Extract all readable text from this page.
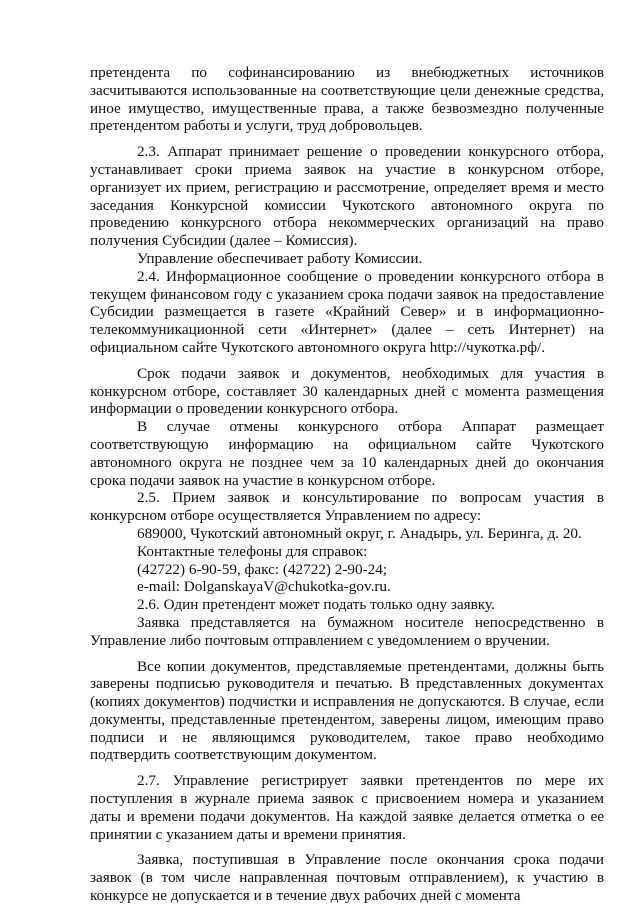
претендента по софинансированию из внебюджетных источников засчитываются использованные на соответствующие цели денежные средства, иное имущество, имущественные права, а также безвозмездно полученные претендентом работы и услуги, труд добровольцев.

2.3. Аппарат принимает решение о проведении конкурсного отбора, устанавливает сроки приема заявок на участие в конкурсном отборе, организует их прием, регистрацию и рассмотрение, определяет время и место заседания Конкурсной комиссии Чукотского автономного округа по проведению конкурсного отбора некоммерческих организаций на право получения Субсидии (далее – Комиссия).

Управление обеспечивает работу Комиссии.

2.4. Информационное сообщение о проведении конкурсного отбора в текущем финансовом году с указанием срока подачи заявок на предоставление Субсидии размещается в газете «Крайний Север» и в информационно-телекоммуникационной сети «Интернет» (далее – сеть Интернет) на официальном сайте Чукотского автономного округа http://чукотка.рф/.

Срок подачи заявок и документов, необходимых для участия в конкурсном отборе, составляет 30 календарных дней с момента размещения информации о проведении конкурсного отбора.

В случае отмены конкурсного отбора Аппарат размещает соответствующую информацию на официальном сайте Чукотского автономного округа не позднее чем за 10 календарных дней до окончания срока подачи заявок на участие в конкурсном отборе.

2.5. Прием заявок и консультирование по вопросам участия в конкурсном отборе осуществляется Управлением по адресу:

689000, Чукотский автономный округ, г. Анадырь, ул. Беринга, д. 20.

Контактные телефоны для справок:

(42722) 6-90-59, факс: (42722) 2-90-24;

e-mail: DolganskayaV@chukotka-gov.ru.

2.6. Один претендент может подать только одну заявку.

Заявка представляется на бумажном носителе непосредственно в Управление либо почтовым отправлением с уведомлением о вручении.

Все копии документов, представляемые претендентами, должны быть заверены подписью руководителя и печатью. В представленных документах (копиях документов) подчистки и исправления не допускаются. В случае, если документы, представленные претендентом, заверены лицом, имеющим право подписи и не являющимся руководителем, такое право необходимо подтвердить соответствующим документом.

2.7. Управление регистрирует заявки претендентов по мере их поступления в журнале приема заявок с присвоением номера и указанием даты и времени подачи документов. На каждой заявке делается отметка о ее принятии с указанием даты и времени принятия.

Заявка, поступившая в Управление после окончания срока подачи заявок (в том числе направленная почтовым отправлением), к участию в конкурсе не допускается и в течение двух рабочих дней с момента
